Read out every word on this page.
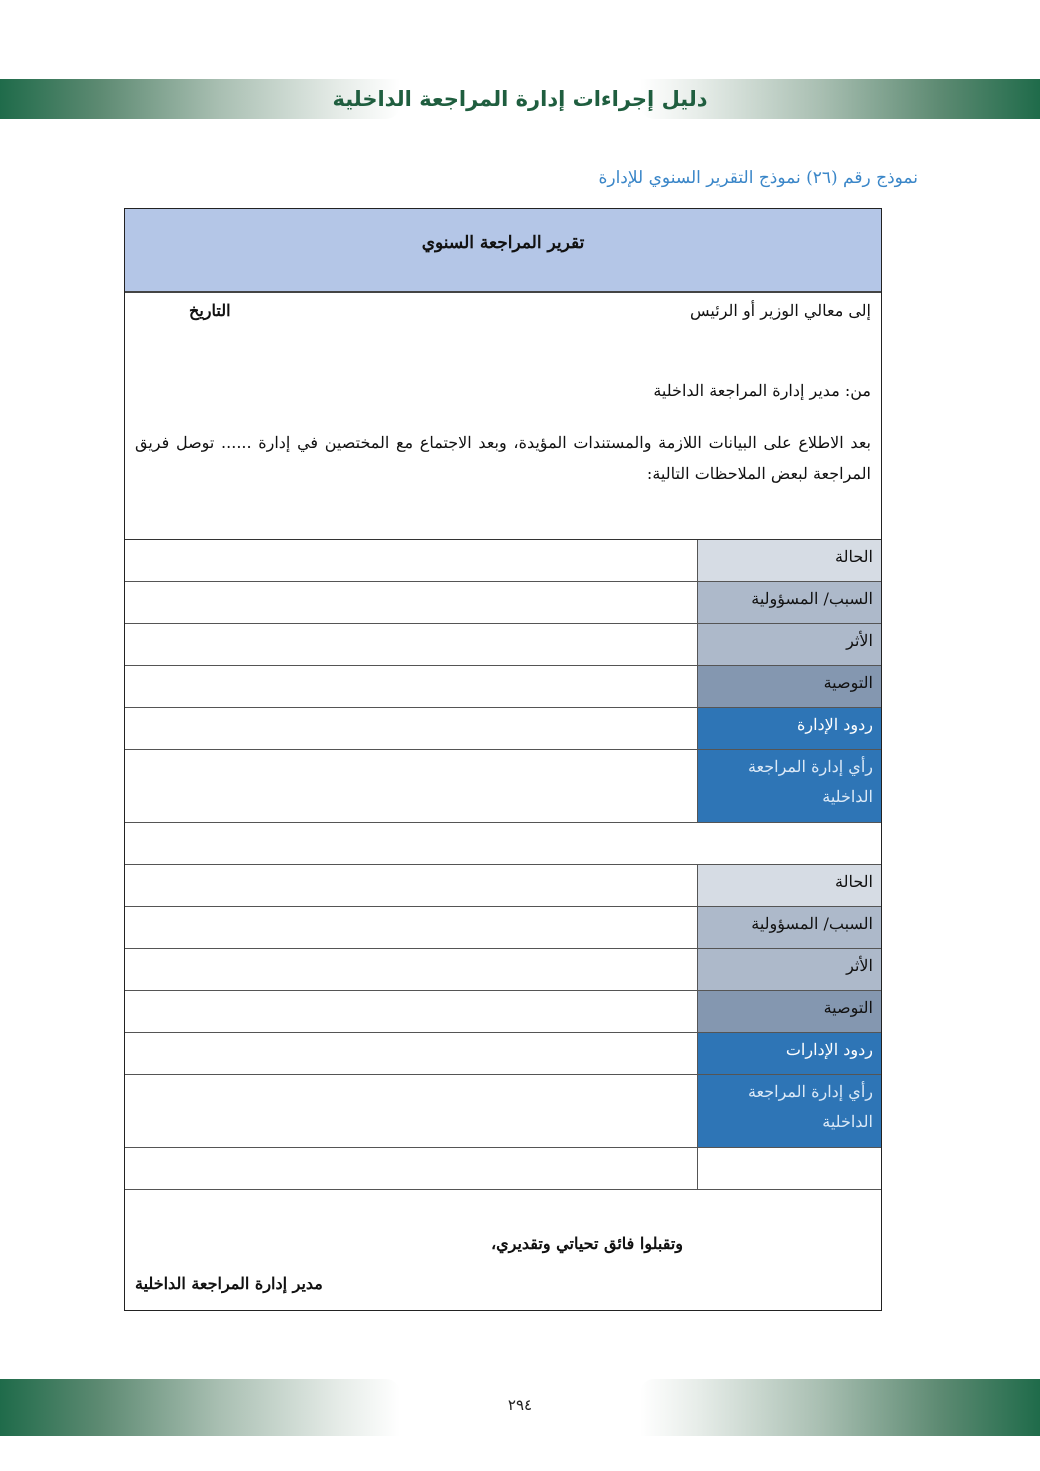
دليل إجراءات إدارة المراجعة الداخلية
نموذج رقم (٢٦) نموذج التقرير السنوي للإدارة
تقرير المراجعة السنوي
إلى معالي الوزير أو الرئيس
التاريخ
من: مدير إدارة المراجعة الداخلية
بعد الاطلاع على البيانات اللازمة والمستندات المؤيدة، وبعد الاجتماع مع المختصين في إدارة ...... توصل فريق المراجعة لبعض الملاحظات التالية:
الحالة
السبب/ المسؤولية
الأثر
التوصية
ردود الإدارة
رأي إدارة المراجعة الداخلية
الحالة
السبب/ المسؤولية
الأثر
التوصية
ردود الإدارات
رأي إدارة المراجعة الداخلية
وتقبلوا فائق تحياتي وتقديري،
مدير إدارة المراجعة الداخلية
٢٩٤
